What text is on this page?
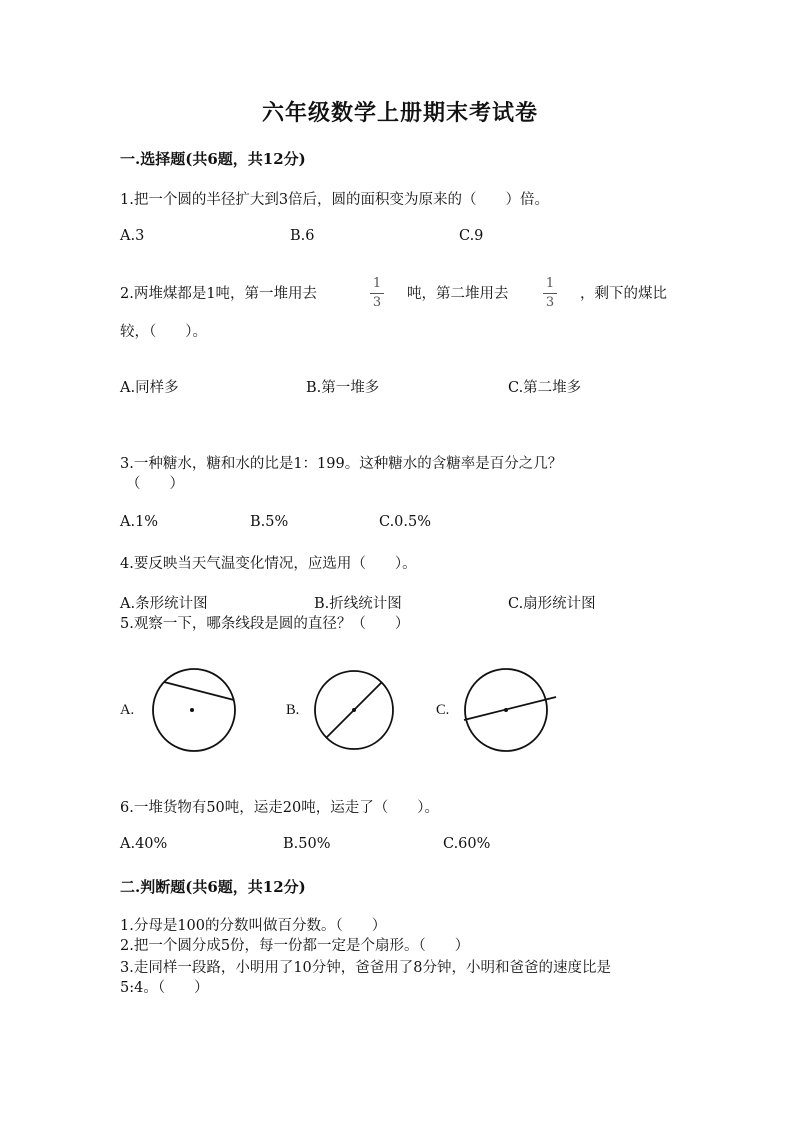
六年级数学上册期末考试卷
一.选择题(共6题，共12分)
1.把一个圆的半径扩大到3倍后，圆的面积变为原来的（　　）倍。
A.3	B.6	C.9
2.两堆煤都是1吨，第一堆用去
1
3
吨，第二堆用去
1
3
，剩下的煤比
较，（　　）。
A.同样多	B.第一堆多	C.第二堆多
3.一种糖水，糖和水的比是1：199。这种糖水的含糖率是百分之几？
（　　）
A.1%	B.5%	C.0.5%
4.要反映当天气温变化情况，应选用（　　）。
A.条形统计图	B.折线统计图	C.扇形统计图
5.观察一下，哪条线段是圆的直径？（　　）
A.	B.	C.
6.一堆货物有50吨，运走20吨，运走了（　　）。
A.40%	B.50%	C.60%
二.判断题(共6题，共12分)
1.分母是100的分数叫做百分数。（　　）
2.把一个圆分成5份，每一份都一定是个扇形。（　　）
3.走同样一段路，小明用了10分钟，爸爸用了8分钟，小明和爸爸的速度比是
5:4。（　　）
